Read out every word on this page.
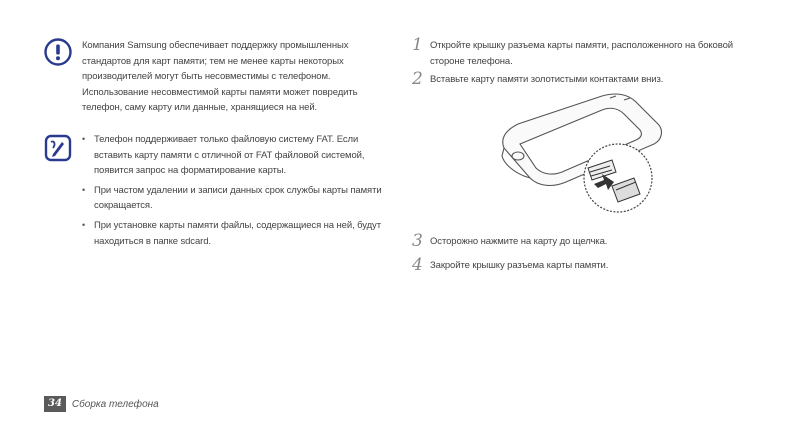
Компания Samsung обеспечивает поддержку промышленных стандартов для карт памяти; тем не менее карты некоторых производителей могут быть несовместимы с телефоном. Использование несовместимой карты памяти может повредить телефон, саму карту или данные, хранящиеся на ней.
• Телефон поддерживает только файловую систему FAT. Если вставить карту памяти с отличной от FAT файловой системой, появится запрос на форматирование карты.
• При частом удалении и записи данных срок службы карты памяти сокращается.
• При установке карты памяти файлы, содержащиеся на ней, будут находиться в папке sdcard.
1 Откройте крышку разъема карты памяти, расположенного на боковой стороне телефона.
2 Вставьте карту памяти золотистыми контактами вниз.
3 Осторожно нажмите на карту до щелчка.
4 Закройте крышку разъема карты памяти.
34	Сборка телефона
